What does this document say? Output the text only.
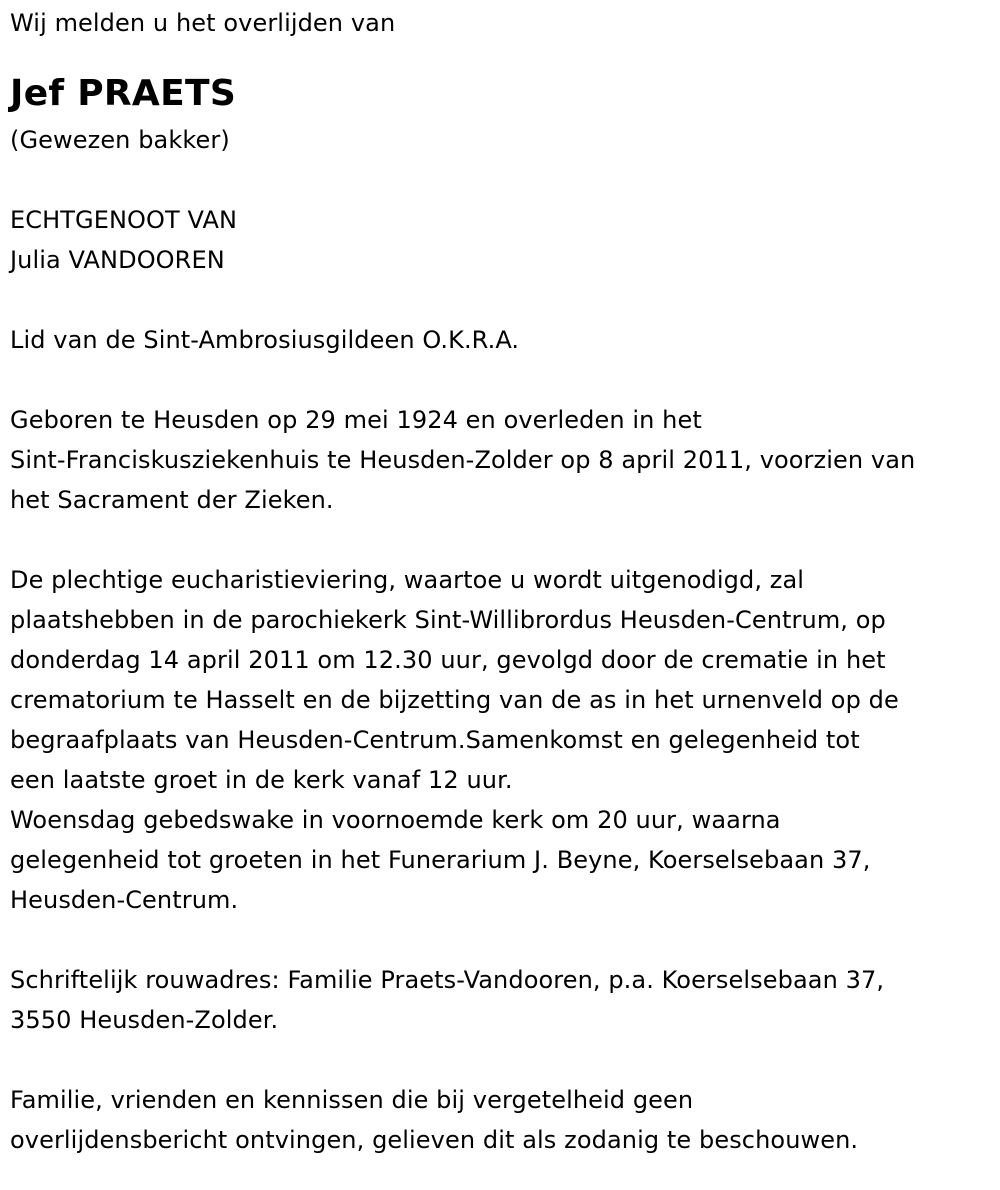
Wij melden u het overlijden van
Jef PRAETS
(Gewezen bakker)
ECHTGENOOT VAN
Julia VANDOOREN
Lid van de Sint-Ambrosiusgildeen O.K.R.A.
Geboren te Heusden op 29 mei 1924 en overleden in het
Sint-Franciskusziekenhuis te Heusden-Zolder op 8 april 2011, voorzien van
het Sacrament der Zieken.
De plechtige eucharistieviering, waartoe u wordt uitgenodigd, zal
plaatshebben in de parochiekerk Sint-Willibrordus Heusden-Centrum, op
donderdag 14 april 2011 om 12.30 uur, gevolgd door de crematie in het
crematorium te Hasselt en de bijzetting van de as in het urnenveld op de
begraafplaats van Heusden-Centrum.Samenkomst en gelegenheid tot
een laatste groet in de kerk vanaf 12 uur.
Woensdag gebedswake in voornoemde kerk om 20 uur, waarna
gelegenheid tot groeten in het Funerarium J. Beyne, Koerselsebaan 37,
Heusden-Centrum.
Schriftelijk rouwadres: Familie Praets-Vandooren, p.a. Koerselsebaan 37,
3550 Heusden-Zolder.
Familie, vrienden en kennissen die bij vergetelheid geen
overlijdensbericht ontvingen, gelieven dit als zodanig te beschouwen.
